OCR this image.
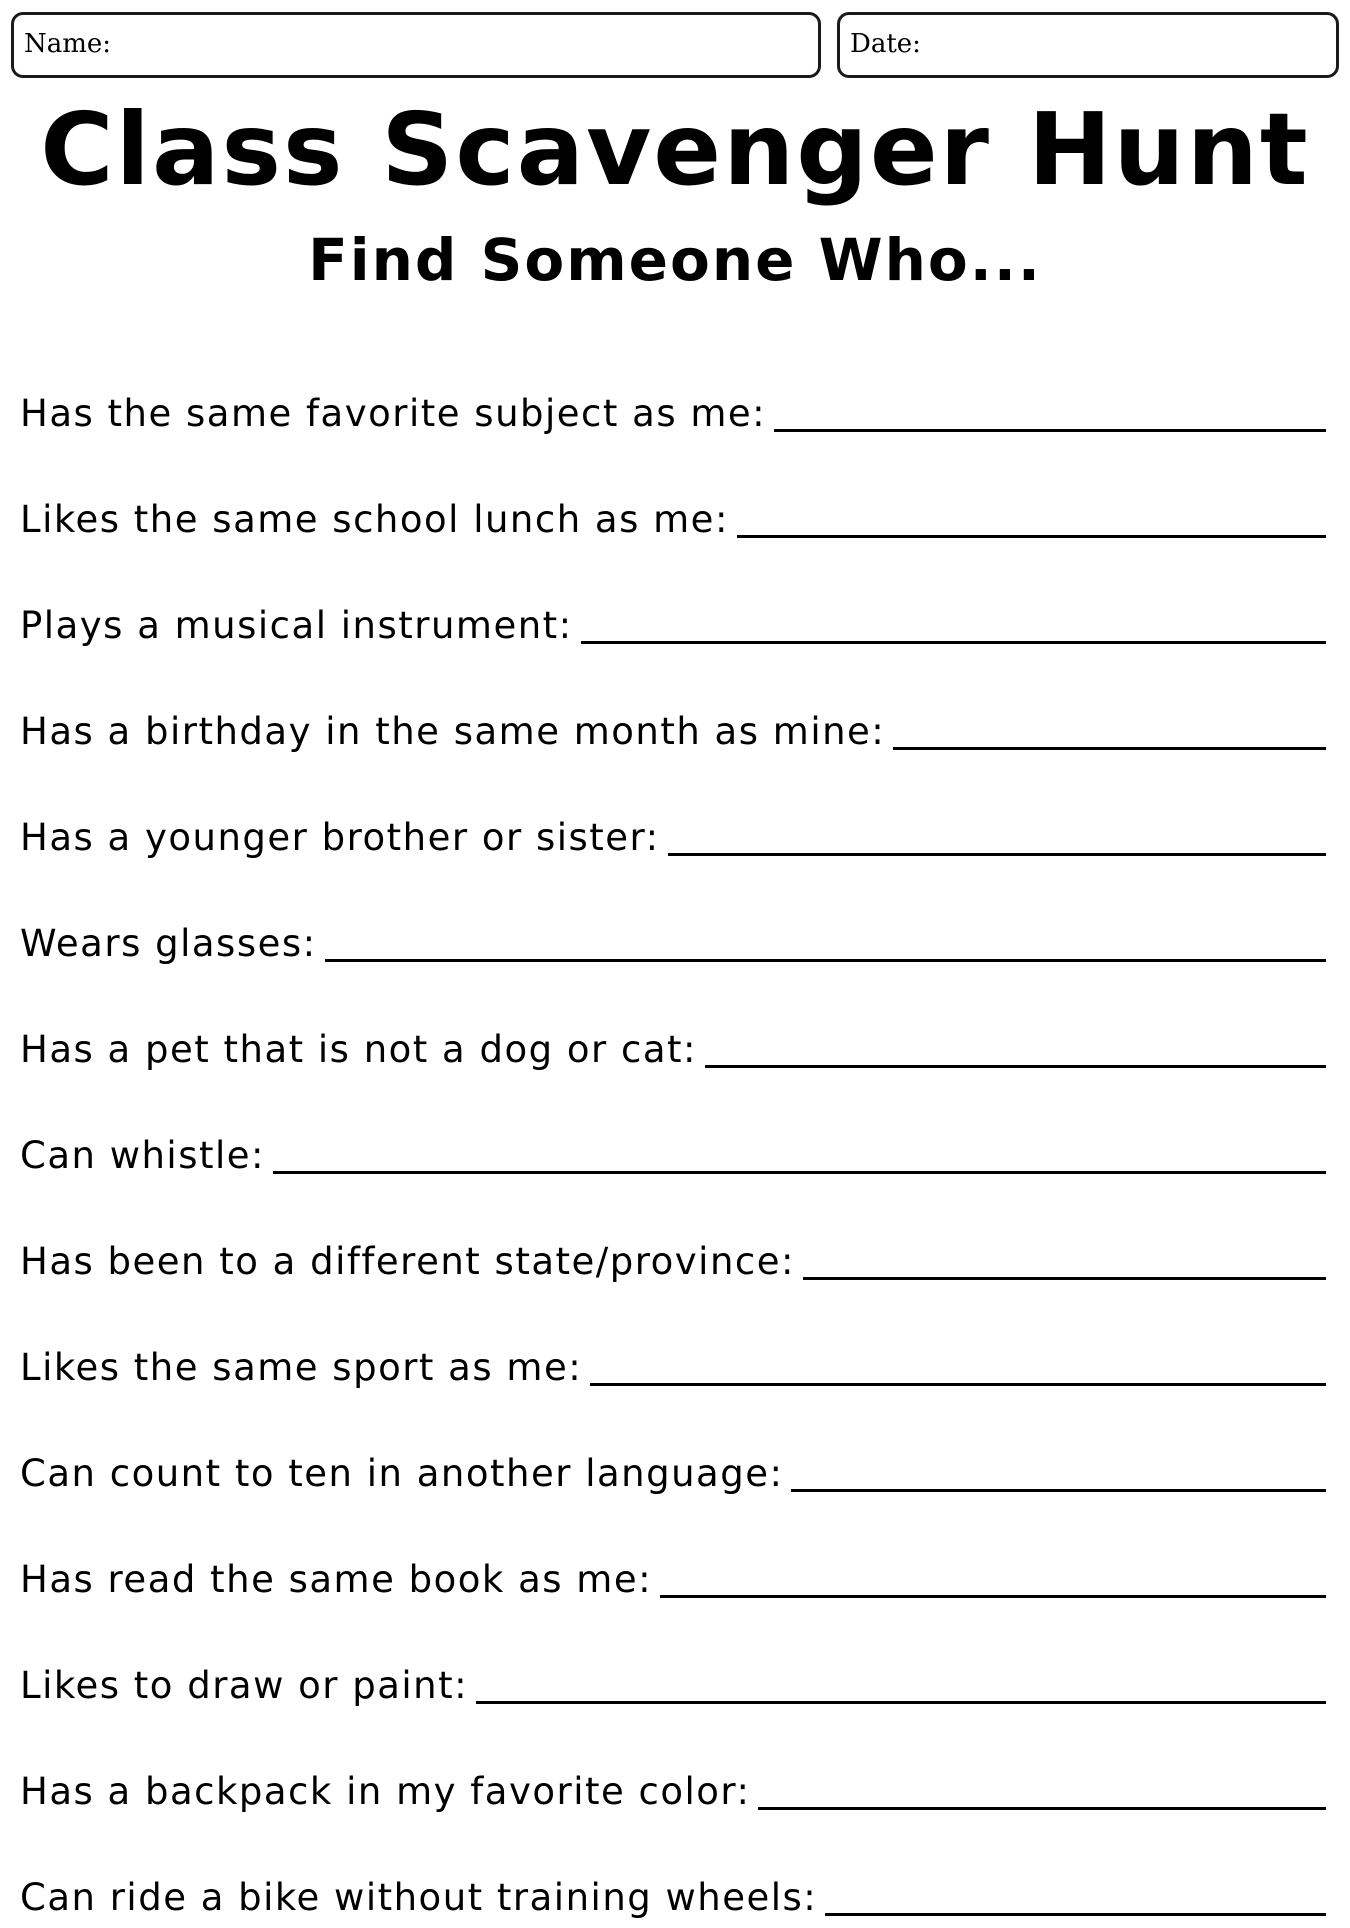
Name:	Date:
Class Scavenger Hunt
Find Someone Who...
Has the same favorite subject as me:
Likes the same school lunch as me:
Plays a musical instrument:
Has a birthday in the same month as mine:
Has a younger brother or sister:
Wears glasses:
Has a pet that is not a dog or cat:
Can whistle:
Has been to a different state/province:
Likes the same sport as me:
Can count to ten in another language:
Has read the same book as me:
Likes to draw or paint:
Has a backpack in my favorite color:
Can ride a bike without training wheels:
